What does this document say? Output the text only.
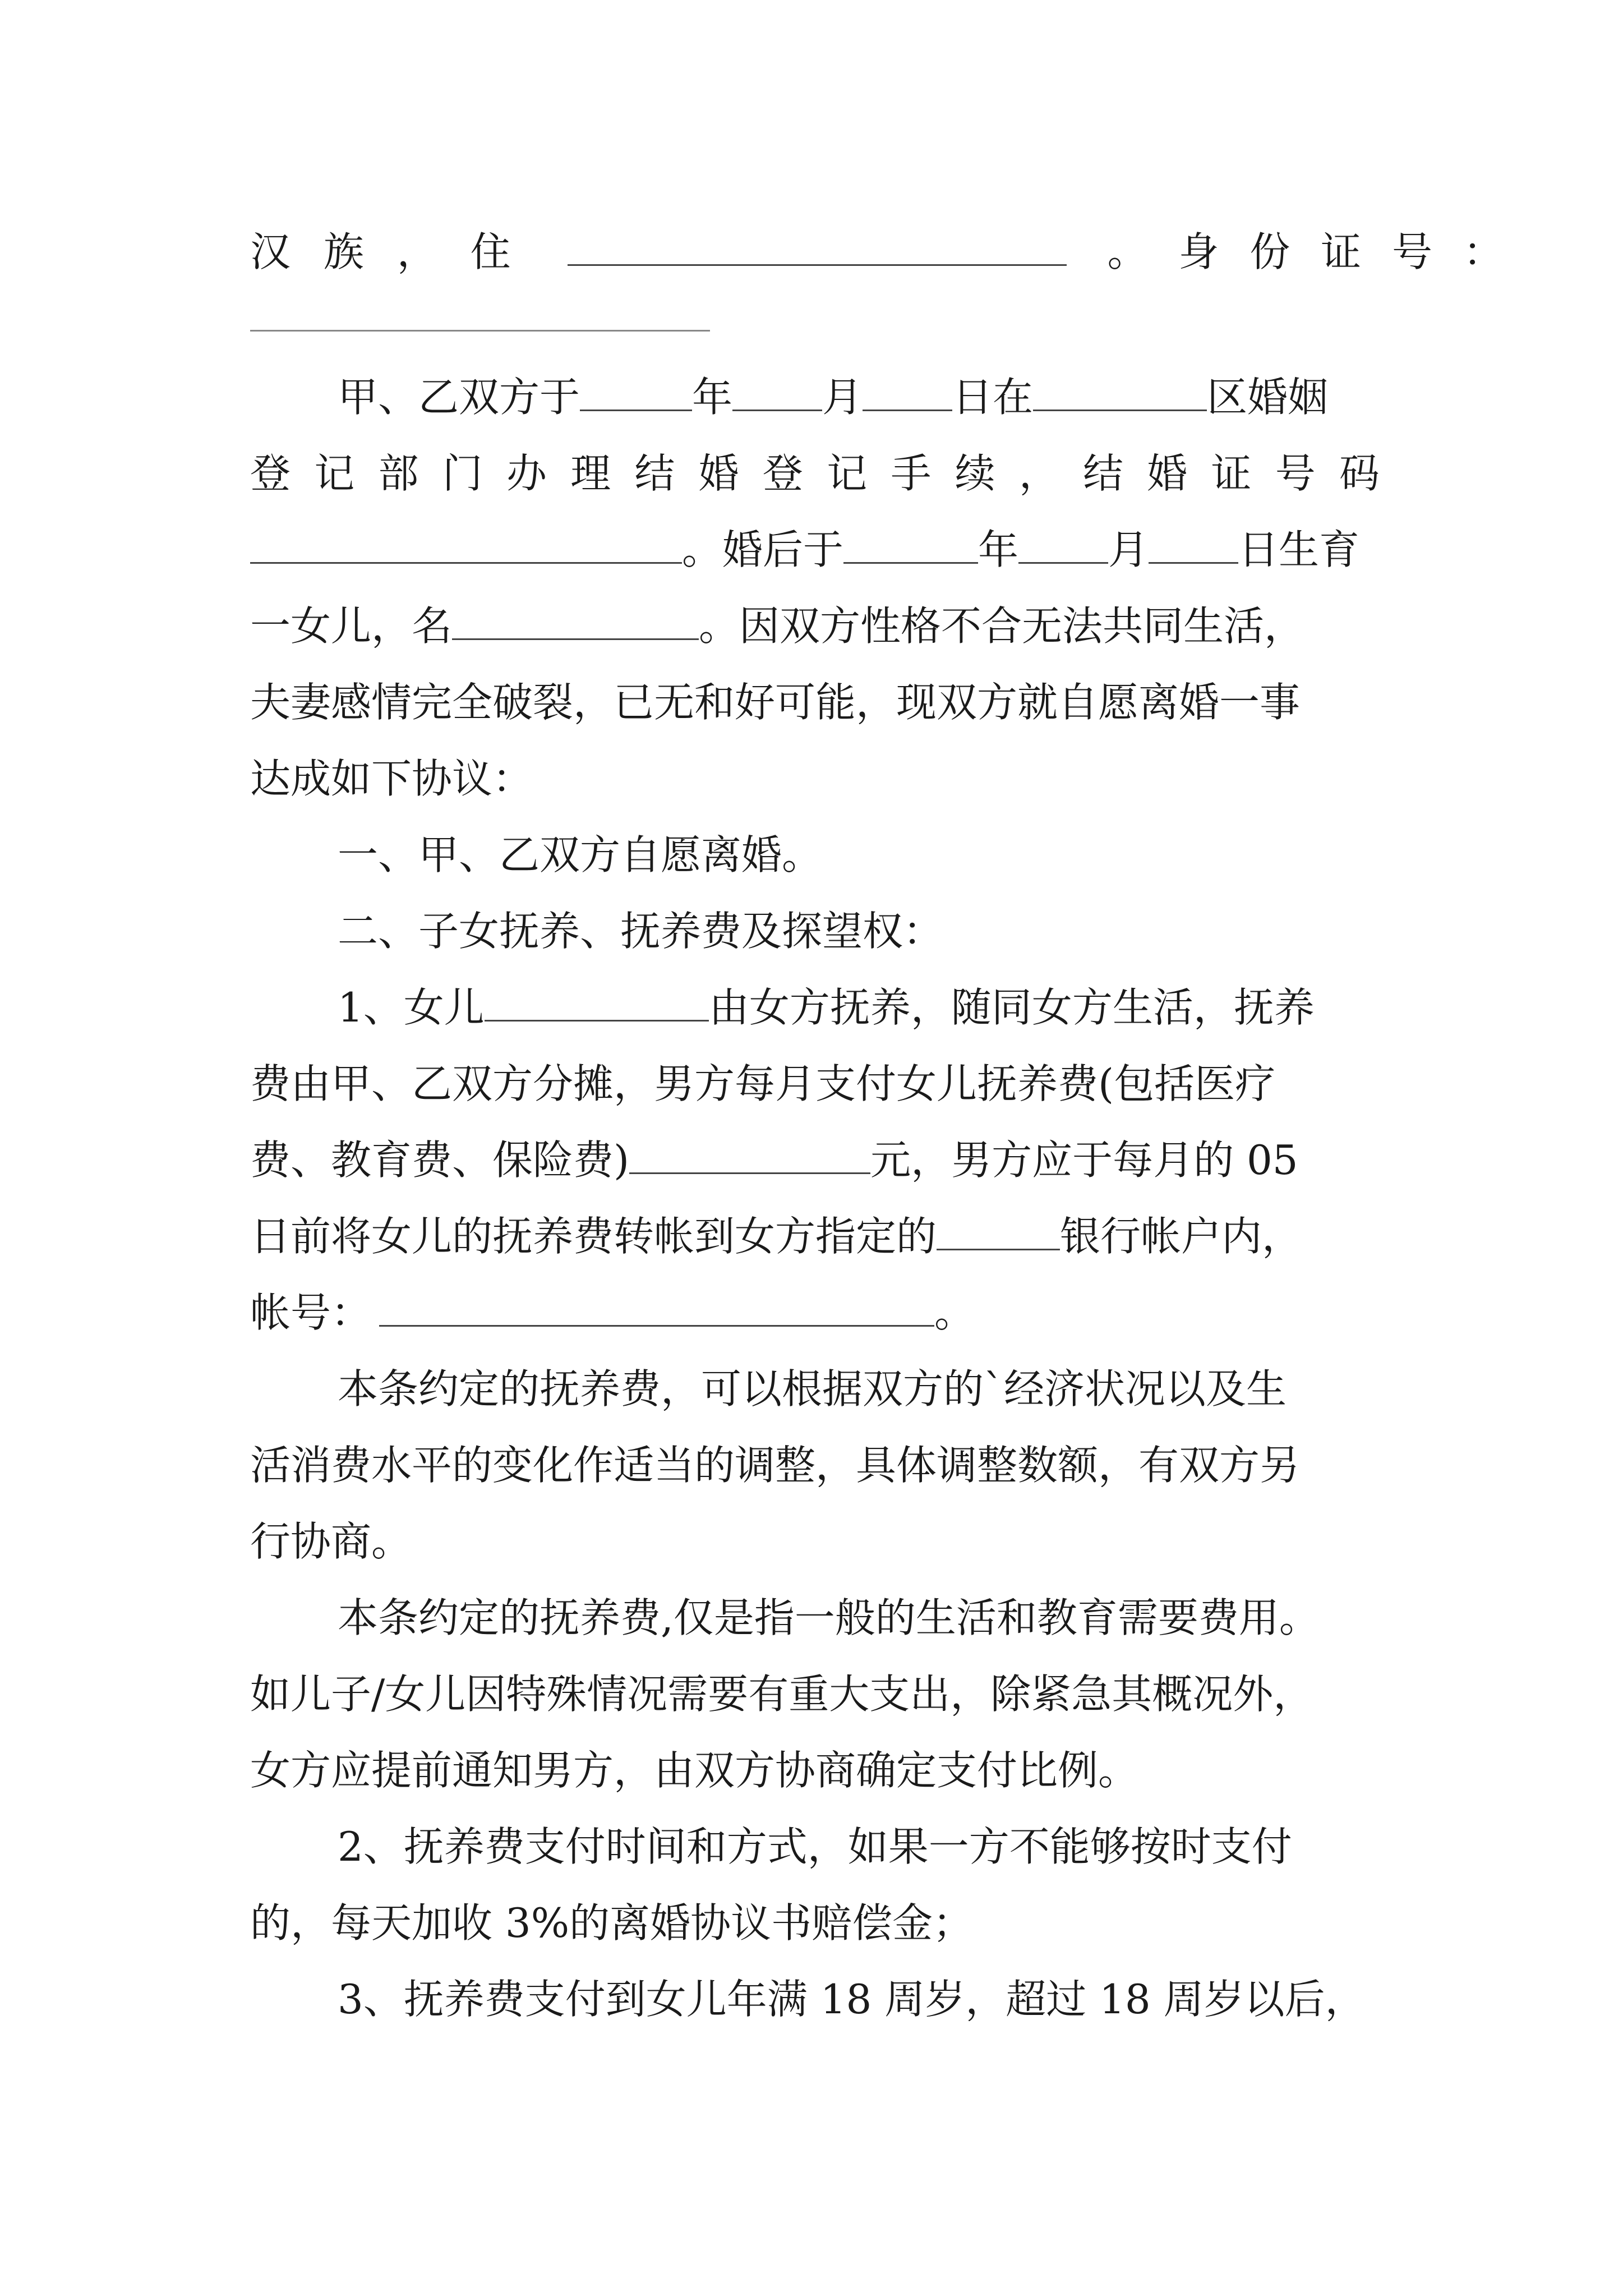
汉 族 ， 住	。 身 份 证 号 ：
甲、乙双方于	年 月 日在	区婚姻
登 记 部 门 办 理 结 婚 登 记 手 续 ， 结 婚 证 号 码
。婚后于	年 月 日生育
一女儿，名	。因双方性格不合无法共同生活，
夫妻感情完全破裂，已无和好可能，现双方就自愿离婚一事
达成如下协议：
一、甲、乙双方自愿离婚。
二、子女抚养、抚养费及探望权：
1、女儿	由女方抚养，随同女方生活，抚养
费由甲、乙双方分摊，男方每月支付女儿抚养费(包括医疗
费、教育费、保险费)	元，男方应于每月的 05
日前将女儿的抚养费转帐到女方指定的	银行帐户内，
帐号：	。
本条约定的抚养费，可以根据双方的`经济状况以及生
活消费水平的变化作适当的调整，具体调整数额，有双方另
行协商。
本条约定的抚养费,仅是指一般的生活和教育需要费用。
如儿子/女儿因特殊情况需要有重大支出，除紧急其概况外，
女方应提前通知男方，由双方协商确定支付比例。
2、抚养费支付时间和方式，如果一方不能够按时支付
的，每天加收 3%的离婚协议书赔偿金；
3、抚养费支付到女儿年满 18 周岁，超过 18 周岁以后，
